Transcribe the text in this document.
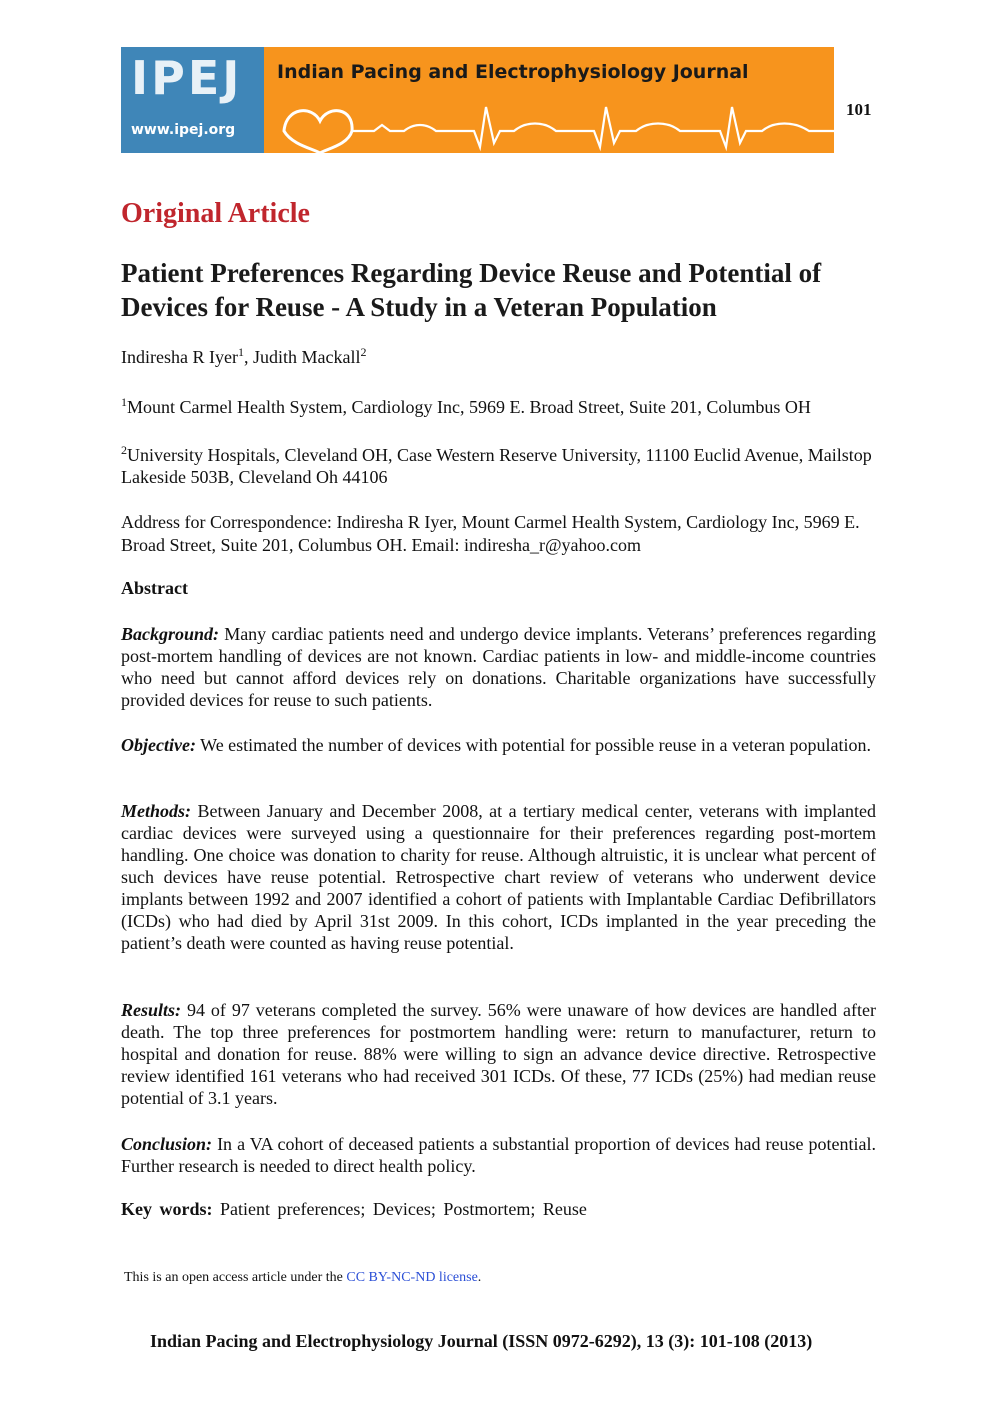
IPEJ
www.ipej.org
Indian Pacing and Electrophysiology Journal
101
Original Article
Patient Preferences Regarding Device Reuse and Potential of Devices for Reuse - A Study in a Veteran Population
Indiresha R Iyer$^1$, Judith Mackall$^2$
$^1$Mount Carmel Health System, Cardiology Inc, 5969 E. Broad Street, Suite 201, Columbus OH
$^2$University Hospitals, Cleveland OH, Case Western Reserve University, 11100 Euclid Avenue, Mailstop Lakeside 503B, Cleveland Oh 44106
Address for Correspondence: Indiresha R Iyer, Mount Carmel Health System, Cardiology Inc, 5969 E. Broad Street, Suite 201, Columbus OH. Email: indiresha_r@yahoo.com
Abstract

Background: Many cardiac patients need and undergo device implants. Veterans’ preferences regarding post-mortem handling of devices are not known. Cardiac patients in low- and middle-income countries who need but cannot afford devices rely on donations. Charitable organizations have successfully provided devices for reuse to such patients.

Objective: We estimated the number of devices with potential for possible reuse in a veteran population.

Methods: Between January and December 2008, at a tertiary medical center, veterans with implanted cardiac devices were surveyed using a questionnaire for their preferences regarding post-mortem handling. One choice was donation to charity for reuse. Although altruistic, it is unclear what percent of such devices have reuse potential. Retrospective chart review of veterans who underwent device implants between 1992 and 2007 identified a cohort of patients with Implantable Cardiac Defibrillators (ICDs) who had died by April 31st 2009. In this cohort, ICDs implanted in the year preceding the patient’s death were counted as having reuse potential.

Results: 94 of 97 veterans completed the survey. 56% were unaware of how devices are handled after death. The top three preferences for postmortem handling were: return to manufacturer, return to hospital and donation for reuse. 88% were willing to sign an advance device directive. Retrospective review identified 161 veterans who had received 301 ICDs. Of these, 77 ICDs (25%) had median reuse potential of 3.1 years.

Conclusion: In a VA cohort of deceased patients a substantial proportion of devices had reuse potential. Further research is needed to direct health policy.

Key words: Patient preferences; Devices; Postmortem; Reuse
This is an open access article under the CC BY-NC-ND license.
Indian Pacing and Electrophysiology Journal (ISSN 0972-6292), 13 (3): 101-108 (2013)
